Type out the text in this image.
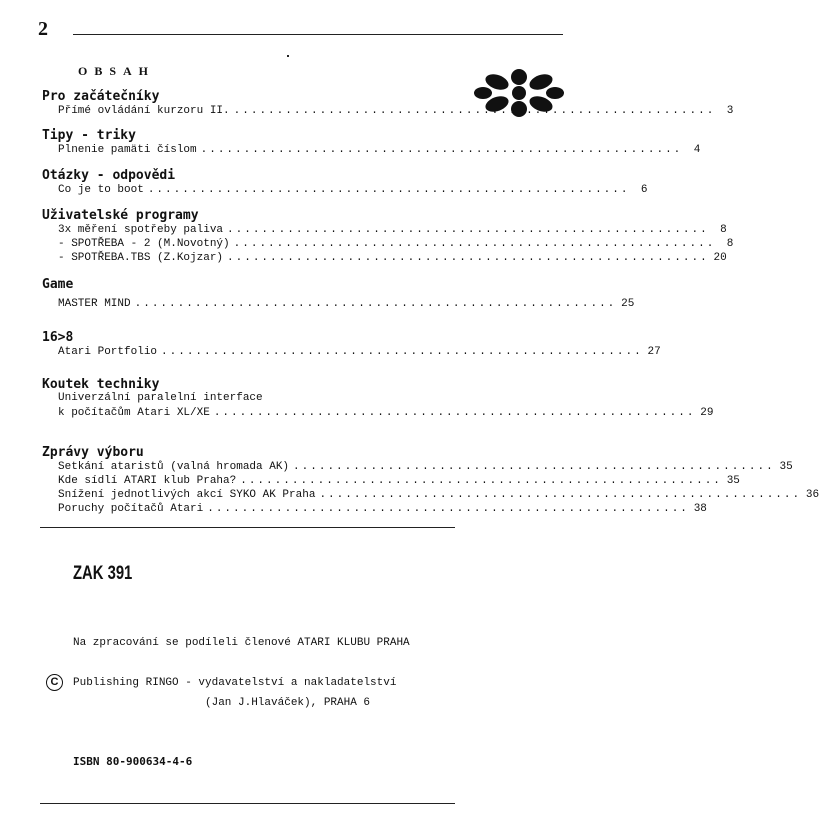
2
OBSAH
Pro začátečníky
Přímé ovládání kurzoru II. ........................................................	3
Tipy - triky
Plnenie pamäti číslom ........................................................	4
Otázky - odpovědi
Co je to boot ........................................................	6
Uživatelské programy
3x měření spotřeby paliva ........................................................	8
- SPOTŘEBA - 2 (M.Novotný) ........................................................	8
- SPOTŘEBA.TBS (Z.Kojzar) ........................................................ 20
Game
MASTER MIND ........................................................ 25
16>8
Atari Portfolio ........................................................ 27
Koutek techniky
Univerzální paralelní interface
k počítačům Atari XL/XE ........................................................ 29
Zprávy výboru
Setkání ataristů (valná hromada AK) ........................................................ 35
Kde sídlí ATARI klub Praha? ........................................................ 35
Snížení jednotlivých akcí SYKO AK Praha ........................................................ 36
Poruchy počítačů Atari ........................................................ 38
ZAK 391
Na zpracování se podíleli členové ATARI KLUBU PRAHA
C	Publishing RINGO - vydavatelství a nakladatelství
(Jan J.Hlaváček), PRAHA 6
ISBN 80-900634-4-6
